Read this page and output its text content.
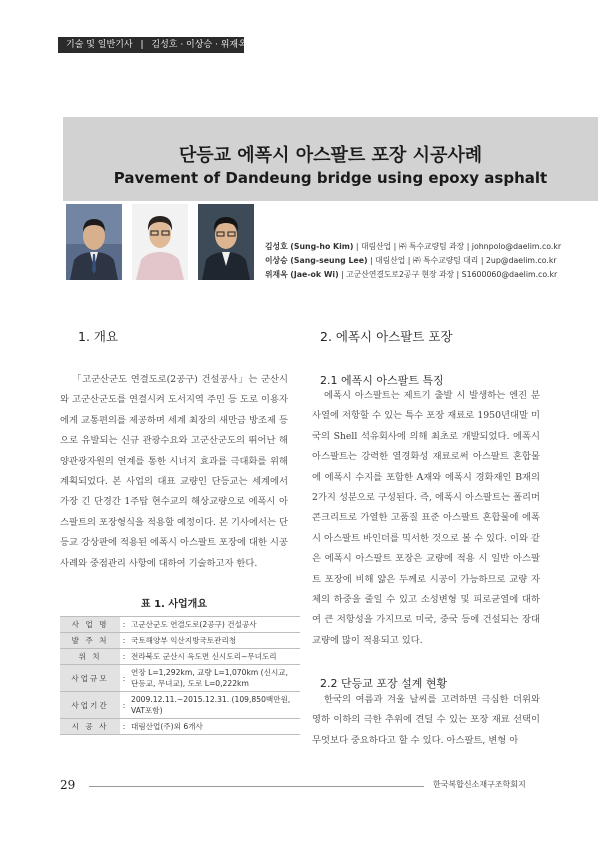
기술 및 일반기사 | 김성호 · 이상승 · 위재옥
단등교 에폭시 아스팔트 포장 시공사례
Pavement of Dandeung bridge using epoxy asphalt
김성호 (Sung-ho Kim) | 대림산업 | ㈜ 특수교량팀 과장 | johnpolo@daelim.co.kr
이상승 (Sang-seung Lee) | 대림산업 | ㈜ 특수교량팀 대리 | 2up@daelim.co.kr
위재옥 (Jae-ok Wi) | 고군산연결도로2공구 현장 과장 | S1600060@daelim.co.kr
1. 개요
「고군산군도 연결도로(2공구) 건설공사」는 군산시와 고군산군도를 연결시켜 도서지역 주민 등 도로 이용자에게 교통편의를 제공하며 세계 최장의 새만금 방조제 등으로 유발되는 신규 관광수요와 고군산군도의 뛰어난 해양관광자원의 연계를 통한 시너지 효과를 극대화를 위해 계획되었다. 본 사업의 대표 교량인 단등교는 세계에서 가장 긴 단경간 1주탑 현수교의 해상교량으로 에폭시 아스팔트의 포장형식을 적용할 예정이다. 본 기사에서는 단등교 강상판에 적용된 에폭시 아스팔트 포장에 대한 시공사례와 중점관리 사항에 대하여 기술하고자 한다.
표 1. 사업개요
사 업 명	:	고군산군도 연결도로(2공구) 건설공사
발 주 처	:	국토해양부 익산지방국토관리청
위 치	:	전라북도 군산시 옥도면 신시도리∼무녀도리
사업규모	:	연장 L=1,292km, 교량 L=1,070km (신시교, 단등교, 무녀교), 도로 L=0,222km
사업기간	:	2009.12.11.∼2015.12.31. (109,850백만원, VAT포함)
시 공 사	:	대림산업(주)외 6개사
2. 에폭시 아스팔트 포장
2.1 에폭시 아스팔트 특징
에폭시 아스팔트는 제트기 출발 시 발생하는 엔진 분사열에 저항할 수 있는 특수 포장 재료로 1950년대말 미국의 Shell 석유회사에 의해 최초로 개발되었다. 에폭시 아스팔트는 강력한 열경화성 재료로써 아스팔트 혼합물에 에폭시 수지를 포함한 A재와 에폭시 경화재인 B재의 2가지 성분으로 구성된다. 즉, 에폭시 아스팔트는 폴리머 콘크리트로 가열한 고품질 표준 아스팔트 혼합물에 에폭시 아스팔트 바인더를 믹서한 것으로 볼 수 있다. 이와 같은 에폭시 아스팔트 포장은 교량에 적용 시 일반 아스팔트 포장에 비해 얇은 두께로 시공이 가능하므로 교량 자체의 하중을 줄일 수 있고 소성변형 및 피로균열에 대하여 큰 저항성을 가지므로 미국, 중국 등에 건설되는 장대교량에 많이 적용되고 있다.
2.2 단등교 포장 설계 현황
한국의 여름과 겨울 날씨를 고려하면 극심한 더위와 영하 이하의 극한 추위에 견딜 수 있는 포장 재료 선택이 무엇보다 중요하다고 할 수 있다. 아스팔트, 변형 아
29	한국복합신소재구조학회지
